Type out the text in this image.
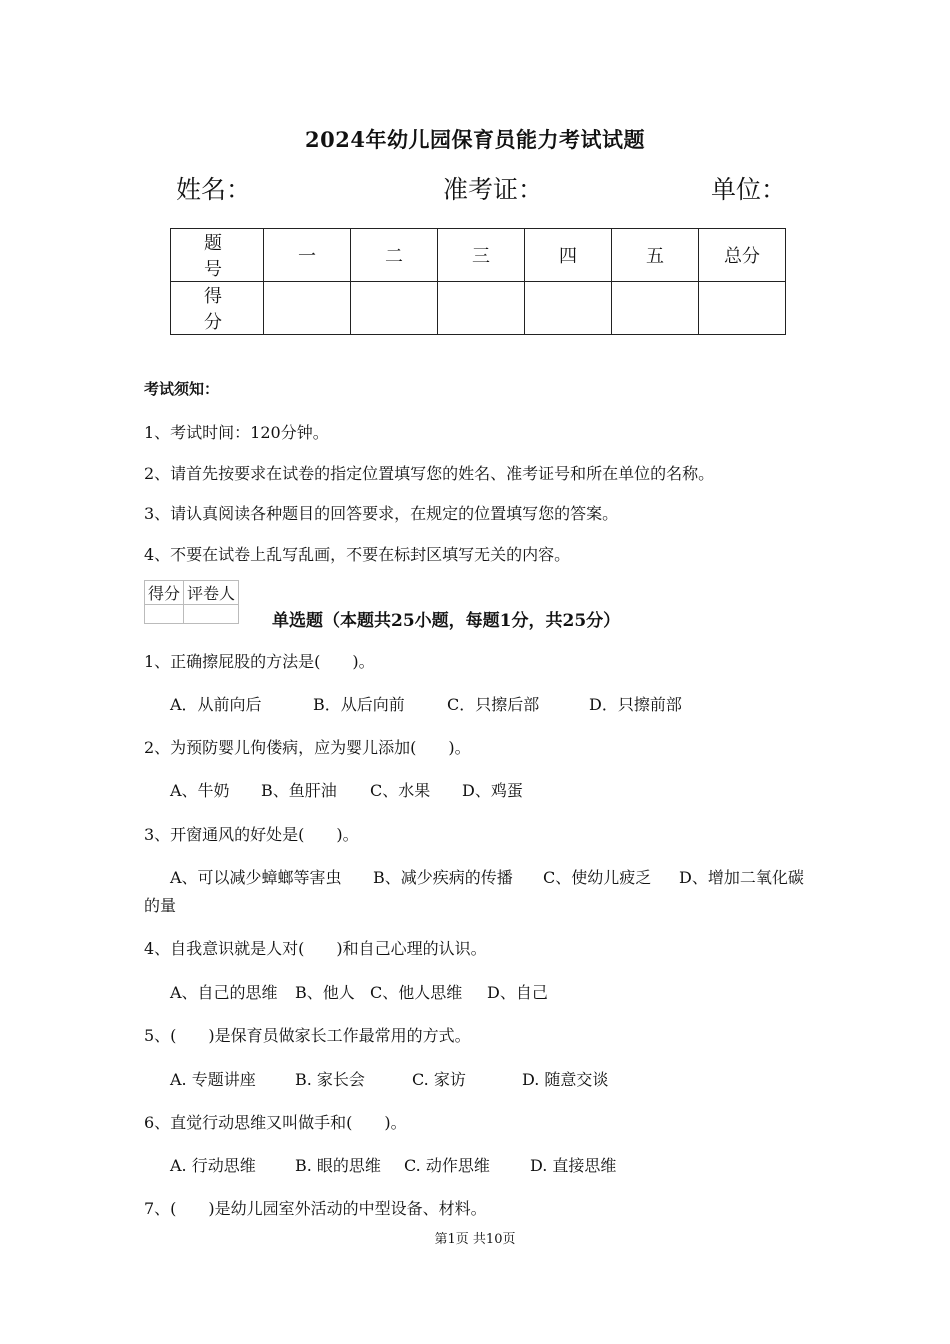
2024年幼儿园保育员能力考试试题
姓名：	准考证：	单位：
题　号	一	二	三	四	五	总分
得　分						
考试须知：
1、考试时间：120分钟。
2、请首先按要求在试卷的指定位置填写您的姓名、准考证号和所在单位的名称。
3、请认真阅读各种题目的回答要求，在规定的位置填写您的答案。
4、不要在试卷上乱写乱画，不要在标封区填写无关的内容。
得分	评卷人

单选题（本题共25小题，每题1分，共25分）
1、正确擦屁股的方法是(　　)。
A．从前向后	B．从后向前	C．只擦后部	D．只擦前部
2、为预防婴儿佝偻病，应为婴儿添加(　　)。
A、牛奶 B、鱼肝油 C、水果 D、鸡蛋
3、开窗通风的好处是(　　)。
A、可以减少蟑螂等害虫 B、减少疾病的传播 C、使幼儿疲乏 D、增加二氧化碳
的量
4、自我意识就是人对(　　)和自己心理的认识。
A、自己的思维 B、他人 C、他人思维 D、自己
5、(　　)是保育员做家长工作最常用的方式。
A. 专题讲座 B. 家长会	C. 家访	D. 随意交谈
6、直觉行动思维又叫做手和(　　)。
A. 行动思维 B. 眼的思维 C. 动作思维	D. 直接思维
7、(　　)是幼儿园室外活动的中型设备、材料。
第1页 共10页
